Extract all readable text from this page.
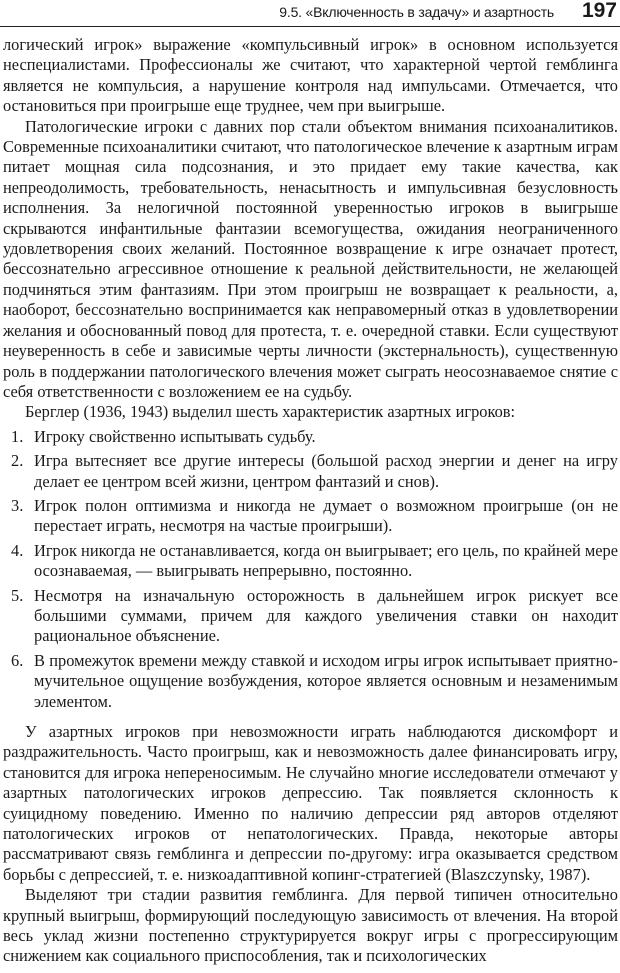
9.5. «Включенность в задачу» и азартность 197

логический игрок» выражение «компульсивный игрок» в основном используется неспециалистами. Профессионалы же считают, что характерной чертой гемблинга является не компульсия, а нарушение контроля над импульсами. Отмечается, что остановиться при проигрыше еще труднее, чем при выигрыше.

Патологические игроки с давних пор стали объектом внимания психоаналитиков. Современные психоаналитики считают, что патологическое влечение к азартным играм питает мощная сила подсознания, и это придает ему такие качества, как непреодолимость, требовательность, ненасытность и импульсивная безусловность исполнения. За нелогичной постоянной уверенностью игроков в выигрыше скрываются инфантильные фантазии всемогущества, ожидания неограниченного удовлетворения своих желаний. Постоянное возвращение к игре означает протест, бессознательно агрессивное отношение к реальной действительности, не желающей подчиняться этим фантазиям. При этом проигрыш не возвращает к реальности, а, наоборот, бессознательно воспринимается как неправомерный отказ в удовлетворении желания и обоснованный повод для протеста, т. е. очередной ставки. Если существуют неуверенность в себе и зависимые черты личности (экстернальность), существенную роль в поддержании патологического влечения может сыграть неосознаваемое снятие с себя ответственности с возложением ее на судьбу.

Берглер (1936, 1943) выделил шесть характеристик азартных игроков:

1. Игроку свойственно испытывать судьбу.
2. Игра вытесняет все другие интересы (большой расход энергии и денег на игру делает ее центром всей жизни, центром фантазий и снов).
3. Игрок полон оптимизма и никогда не думает о возможном проигрыше (он не перестает играть, несмотря на частые проигрыши).
4. Игрок никогда не останавливается, когда он выигрывает; его цель, по крайней мере осознаваемая, — выигрывать непрерывно, постоянно.
5. Несмотря на изначальную осторожность в дальнейшем игрок рискует все большими суммами, причем для каждого увеличения ставки он находит рациональное объяснение.
6. В промежуток времени между ставкой и исходом игры игрок испытывает приятно-мучительное ощущение возбуждения, которое является основным и незаменимым элементом.

У азартных игроков при невозможности играть наблюдаются дискомфорт и раздражительность. Часто проигрыш, как и невозможность далее финансировать игру, становится для игрока непереносимым. Не случайно многие исследователи отмечают у азартных патологических игроков депрессию. Так появляется склонность к суицидному поведению. Именно по наличию депрессии ряд авторов отделяют патологических игроков от непатологических. Правда, некоторые авторы рассматривают связь гемблинга и депрессии по-другому: игра оказывается средством борьбы с депрессией, т. е. низкоадаптивной копинг-стратегией (Blaszczynsky, 1987).

Выделяют три стадии развития гемблинга. Для первой типичен относительно крупный выигрыш, формирующий последующую зависимость от влечения. На второй весь уклад жизни постепенно структурируется вокруг игры с прогрессирующим снижением как социального приспособления, так и психологических
